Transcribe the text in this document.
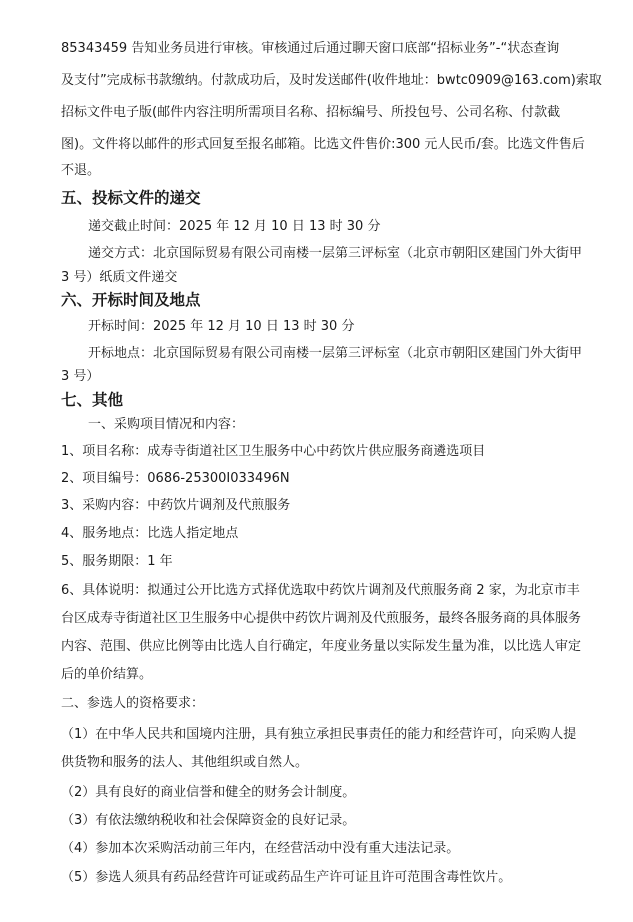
85343459 告知业务员进行审核。审核通过后通过聊天窗口底部“招标业务”-“状态查询
及支付”完成标书款缴纳。付款成功后，及时发送邮件(收件地址：bwtc0909@163.com)索取
招标文件电子版(邮件内容注明所需项目名称、招标编号、所投包号、公司名称、付款截
图)。文件将以邮件的形式回复至报名邮箱。比选文件售价:300 元人民币/套。比选文件售后
不退。
五、投标文件的递交
递交截止时间：2025 年 12 月 10 日 13 时 30 分
递交方式：北京国际贸易有限公司南楼一层第三评标室（北京市朝阳区建国门外大街甲
3 号）纸质文件递交
六、开标时间及地点
开标时间：2025 年 12 月 10 日 13 时 30 分
开标地点：北京国际贸易有限公司南楼一层第三评标室（北京市朝阳区建国门外大街甲
3 号）
七、其他
一、采购项目情况和内容：
1、项目名称：成寿寺街道社区卫生服务中心中药饮片供应服务商遴选项目
2、项目编号：0686-25300I033496N
3、采购内容：中药饮片调剂及代煎服务
4、服务地点：比选人指定地点
5、服务期限：1 年
6、具体说明：拟通过公开比选方式择优选取中药饮片调剂及代煎服务商 2 家，为北京市丰
台区成寿寺街道社区卫生服务中心提供中药饮片调剂及代煎服务，最终各服务商的具体服务
内容、范围、供应比例等由比选人自行确定，年度业务量以实际发生量为准，以比选人审定
后的单价结算。
二、参选人的资格要求：
（1）在中华人民共和国境内注册，具有独立承担民事责任的能力和经营许可，向采购人提
供货物和服务的法人、其他组织或自然人。
（2）具有良好的商业信誉和健全的财务会计制度。
（3）有依法缴纳税收和社会保障资金的良好记录。
（4）参加本次采购活动前三年内，在经营活动中没有重大违法记录。
（5）参选人须具有药品经营许可证或药品生产许可证且许可范围含毒性饮片。
